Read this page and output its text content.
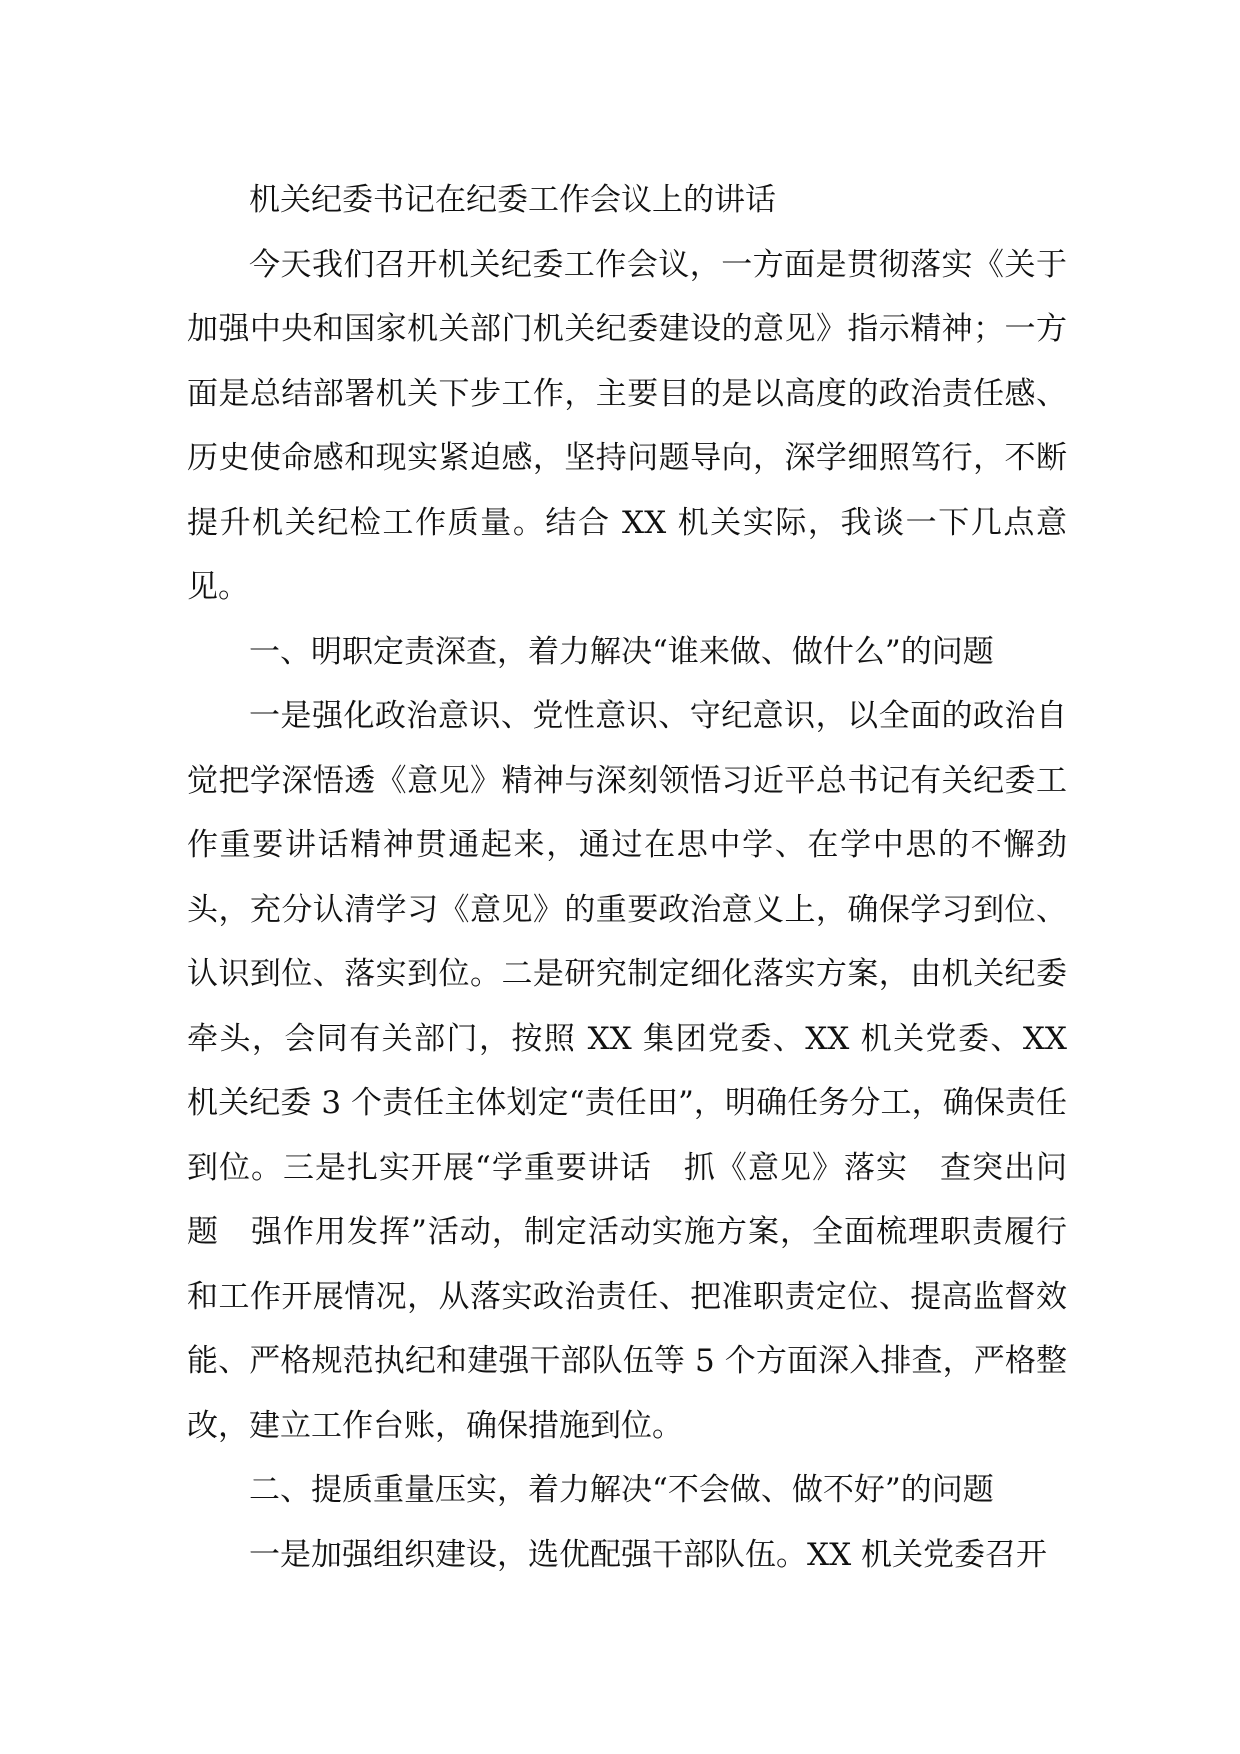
机关纪委书记在纪委工作会议上的讲话

今天我们召开机关纪委工作会议，一方面是贯彻落实《关于加强中央和国家机关部门机关纪委建设的意见》指示精神；一方面是总结部署机关下步工作，主要目的是以高度的政治责任感、历史使命感和现实紧迫感，坚持问题导向，深学细照笃行，不断提升机关纪检工作质量。结合 XX 机关实际，我谈一下几点意见。

一、明职定责深查，着力解决“谁来做、做什么”的问题

一是强化政治意识、党性意识、守纪意识，以全面的政治自觉把学深悟透《意见》精神与深刻领悟习近平总书记有关纪委工作重要讲话精神贯通起来，通过在思中学、在学中思的不懈劲头，充分认清学习《意见》的重要政治意义上，确保学习到位、认识到位、落实到位。二是研究制定细化落实方案，由机关纪委牵头，会同有关部门，按照 XX 集团党委、XX 机关党委、XX 机关纪委 3 个责任主体划定“责任田”，明确任务分工，确保责任到位。三是扎实开展“学重要讲话　抓《意见》落实　查突出问题　强作用发挥”活动，制定活动实施方案，全面梳理职责履行和工作开展情况，从落实政治责任、把准职责定位、提高监督效能、严格规范执纪和建强干部队伍等 5 个方面深入排查，严格整改，建立工作台账，确保措施到位。

二、提质重量压实，着力解决“不会做、做不好”的问题

一是加强组织建设，选优配强干部队伍。XX 机关党委召开
